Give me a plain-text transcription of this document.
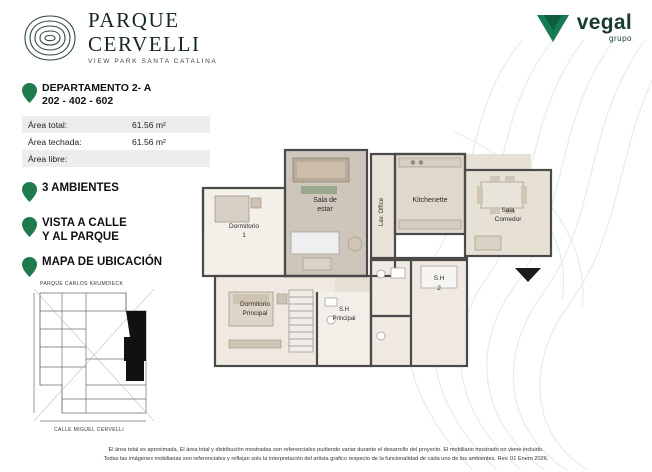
PARQUE
CERVELLI
VIEW PARK SANTA CATALINA
vegal
grupo
DEPARTAMENTO 2- A
202 - 402 - 602
Área total:	61.56 m²
Área techada:	61.56 m²
Área libre:	
3 AMBIENTES
VISTA A CALLE
Y AL PARQUE
MAPA DE UBICACIÓN
PARQUE CARLOS KRUMDIECK
CALLE MIGUEL CERVELLI
Sala de
estar
Kitchenette
Sala
Comedor
Dormitorio
1
Dormitorio
Principal	S.H
Principal
S.H
2
Lav. Office
El área total es aproximada. El área total y distribución mostradas son referenciales pudiendo variar durante el desarrollo del proyecto. El mobiliario mostrado no viene incluido.
Todas las imágenes mobiliarias son referenciales y reflejan solo la interpretación del artista grafico respecto de la funcionalidad de cada uno de los ambientes. Rev. 01 Enero 2026.
